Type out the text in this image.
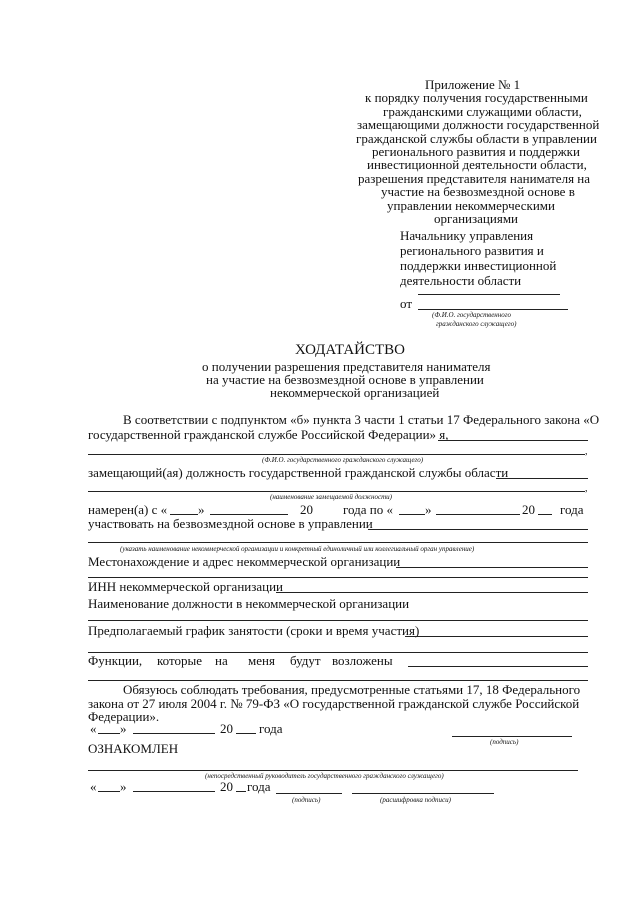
Приложение № 1
к порядку получения государственными
гражданскими служащими области,
замещающими должности государственной
гражданской службы области в управлении
регионального развития и поддержки
инвестиционной деятельности области,
разрешения представителя нанимателя на
участие на безвозмездной основе в
управлении некоммерческими
организациями
Начальнику управления
регионального развития и
поддержки инвестиционной
деятельности области
от
(Ф.И.О. государственного
гражданского служащего)
ХОДАТАЙСТВО
о получении разрешения представителя нанимателя
на участие на безвозмездной основе в управлении
некоммерческой организацией
В соответствии с подпунктом «б» пункта 3 части 1 статьи 17 Федерального закона «О
государственной гражданской службе Российской Федерации» я,
,
(Ф.И.О. государственного гражданского служащего)
замещающий(ая) должность государственной гражданской службы области
,
(наименование замещаемой должности)
намерен(а) с « »	20 года по « »	20 года
участвовать на безвозмездной основе в управлении
(указать наименование некоммерческой организации и конкретный единоличный или коллегиальный орган управление)
Местонахождение и адрес некоммерческой организации
ИНН некоммерческой организации
Наименование должности в некоммерческой организации
Предполагаемый график занятости (сроки и время участия)
Функции, которые на меня будут возложены
Обязуюсь соблюдать требования, предусмотренные статьями 17, 18 Федерального
закона от 27 июля 2004 г. № 79-ФЗ «О государственной гражданской службе Российской
Федерации».
« »	20 года
(подпись)
ОЗНАКОМЛЕН
(непосредственный руководитель государственного гражданского служащего)
« »	20 года
(подпись)	(расшифровка подписи)
